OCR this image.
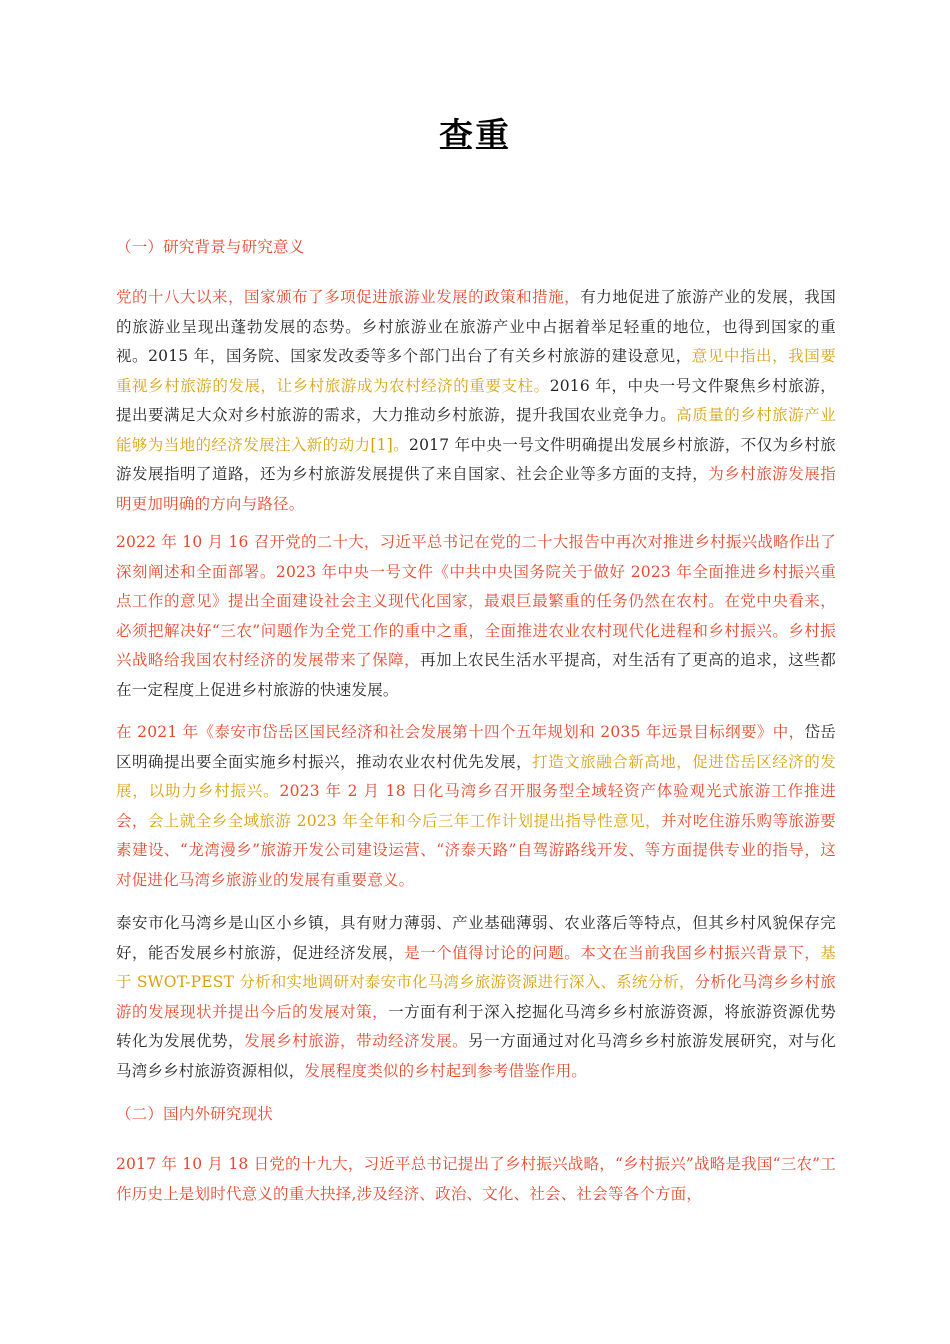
查重
（一）研究背景与研究意义
党的十八大以来，国家颁布了多项促进旅游业发展的政策和措施，有力地促进了旅游产业的发展，我国的旅游业呈现出蓬勃发展的态势。乡村旅游业在旅游产业中占据着举足轻重的地位，也得到国家的重视。2015 年，国务院、国家发改委等多个部门出台了有关乡村旅游的建设意见，意见中指出，我国要重视乡村旅游的发展，让乡村旅游成为农村经济的重要支柱。2016 年，中央一号文件聚焦乡村旅游，提出要满足大众对乡村旅游的需求，大力推动乡村旅游，提升我国农业竞争力。高质量的乡村旅游产业能够为当地的经济发展注入新的动力[1]。2017 年中央一号文件明确提出发展乡村旅游，不仅为乡村旅游发展指明了道路，还为乡村旅游发展提供了来自国家、社会企业等多方面的支持，为乡村旅游发展指明更加明确的方向与路径。
2022 年 10 月 16 召开党的二十大，习近平总书记在党的二十大报告中再次对推进乡村振兴战略作出了深刻阐述和全面部署。2023 年中央一号文件《中共中央国务院关于做好 2023 年全面推进乡村振兴重点工作的意见》提出全面建设社会主义现代化国家，最艰巨最繁重的任务仍然在农村。在党中央看来，必须把解决好“三农”问题作为全党工作的重中之重，全面推进农业农村现代化进程和乡村振兴。乡村振兴战略给我国农村经济的发展带来了保障，再加上农民生活水平提高，对生活有了更高的追求，这些都在一定程度上促进乡村旅游的快速发展。
在 2021 年《泰安市岱岳区国民经济和社会发展第十四个五年规划和 2035 年远景目标纲要》中，岱岳区明确提出要全面实施乡村振兴，推动农业农村优先发展，打造文旅融合新高地，促进岱岳区经济的发展，以助力乡村振兴。2023 年 2 月 18 日化马湾乡召开服务型全域轻资产体验观光式旅游工作推进会，会上就全乡全域旅游 2023 年全年和今后三年工作计划提出指导性意见，并对吃住游乐购等旅游要素建设、“龙湾漫乡”旅游开发公司建设运营、“济泰天路”自驾游路线开发、等方面提供专业的指导，这对促进化马湾乡旅游业的发展有重要意义。
泰安市化马湾乡是山区小乡镇，具有财力薄弱、产业基础薄弱、农业落后等特点，但其乡村风貌保存完好，能否发展乡村旅游，促进经济发展，是一个值得讨论的问题。本文在当前我国乡村振兴背景下，基于 SWOT-PEST 分析和实地调研对泰安市化马湾乡旅游资源进行深入、系统分析，分析化马湾乡乡村旅游的发展现状并提出今后的发展对策，一方面有利于深入挖掘化马湾乡乡村旅游资源，将旅游资源优势转化为发展优势，发展乡村旅游，带动经济发展。另一方面通过对化马湾乡乡村旅游发展研究，对与化马湾乡乡村旅游资源相似，发展程度类似的乡村起到参考借鉴作用。
（二）国内外研究现状
2017 年 10 月 18 日党的十九大，习近平总书记提出了乡村振兴战略，“乡村振兴”战略是我国“三农”工作历史上是划时代意义的重大抉择,涉及经济、政治、文化、社会、社会等各个方面，
